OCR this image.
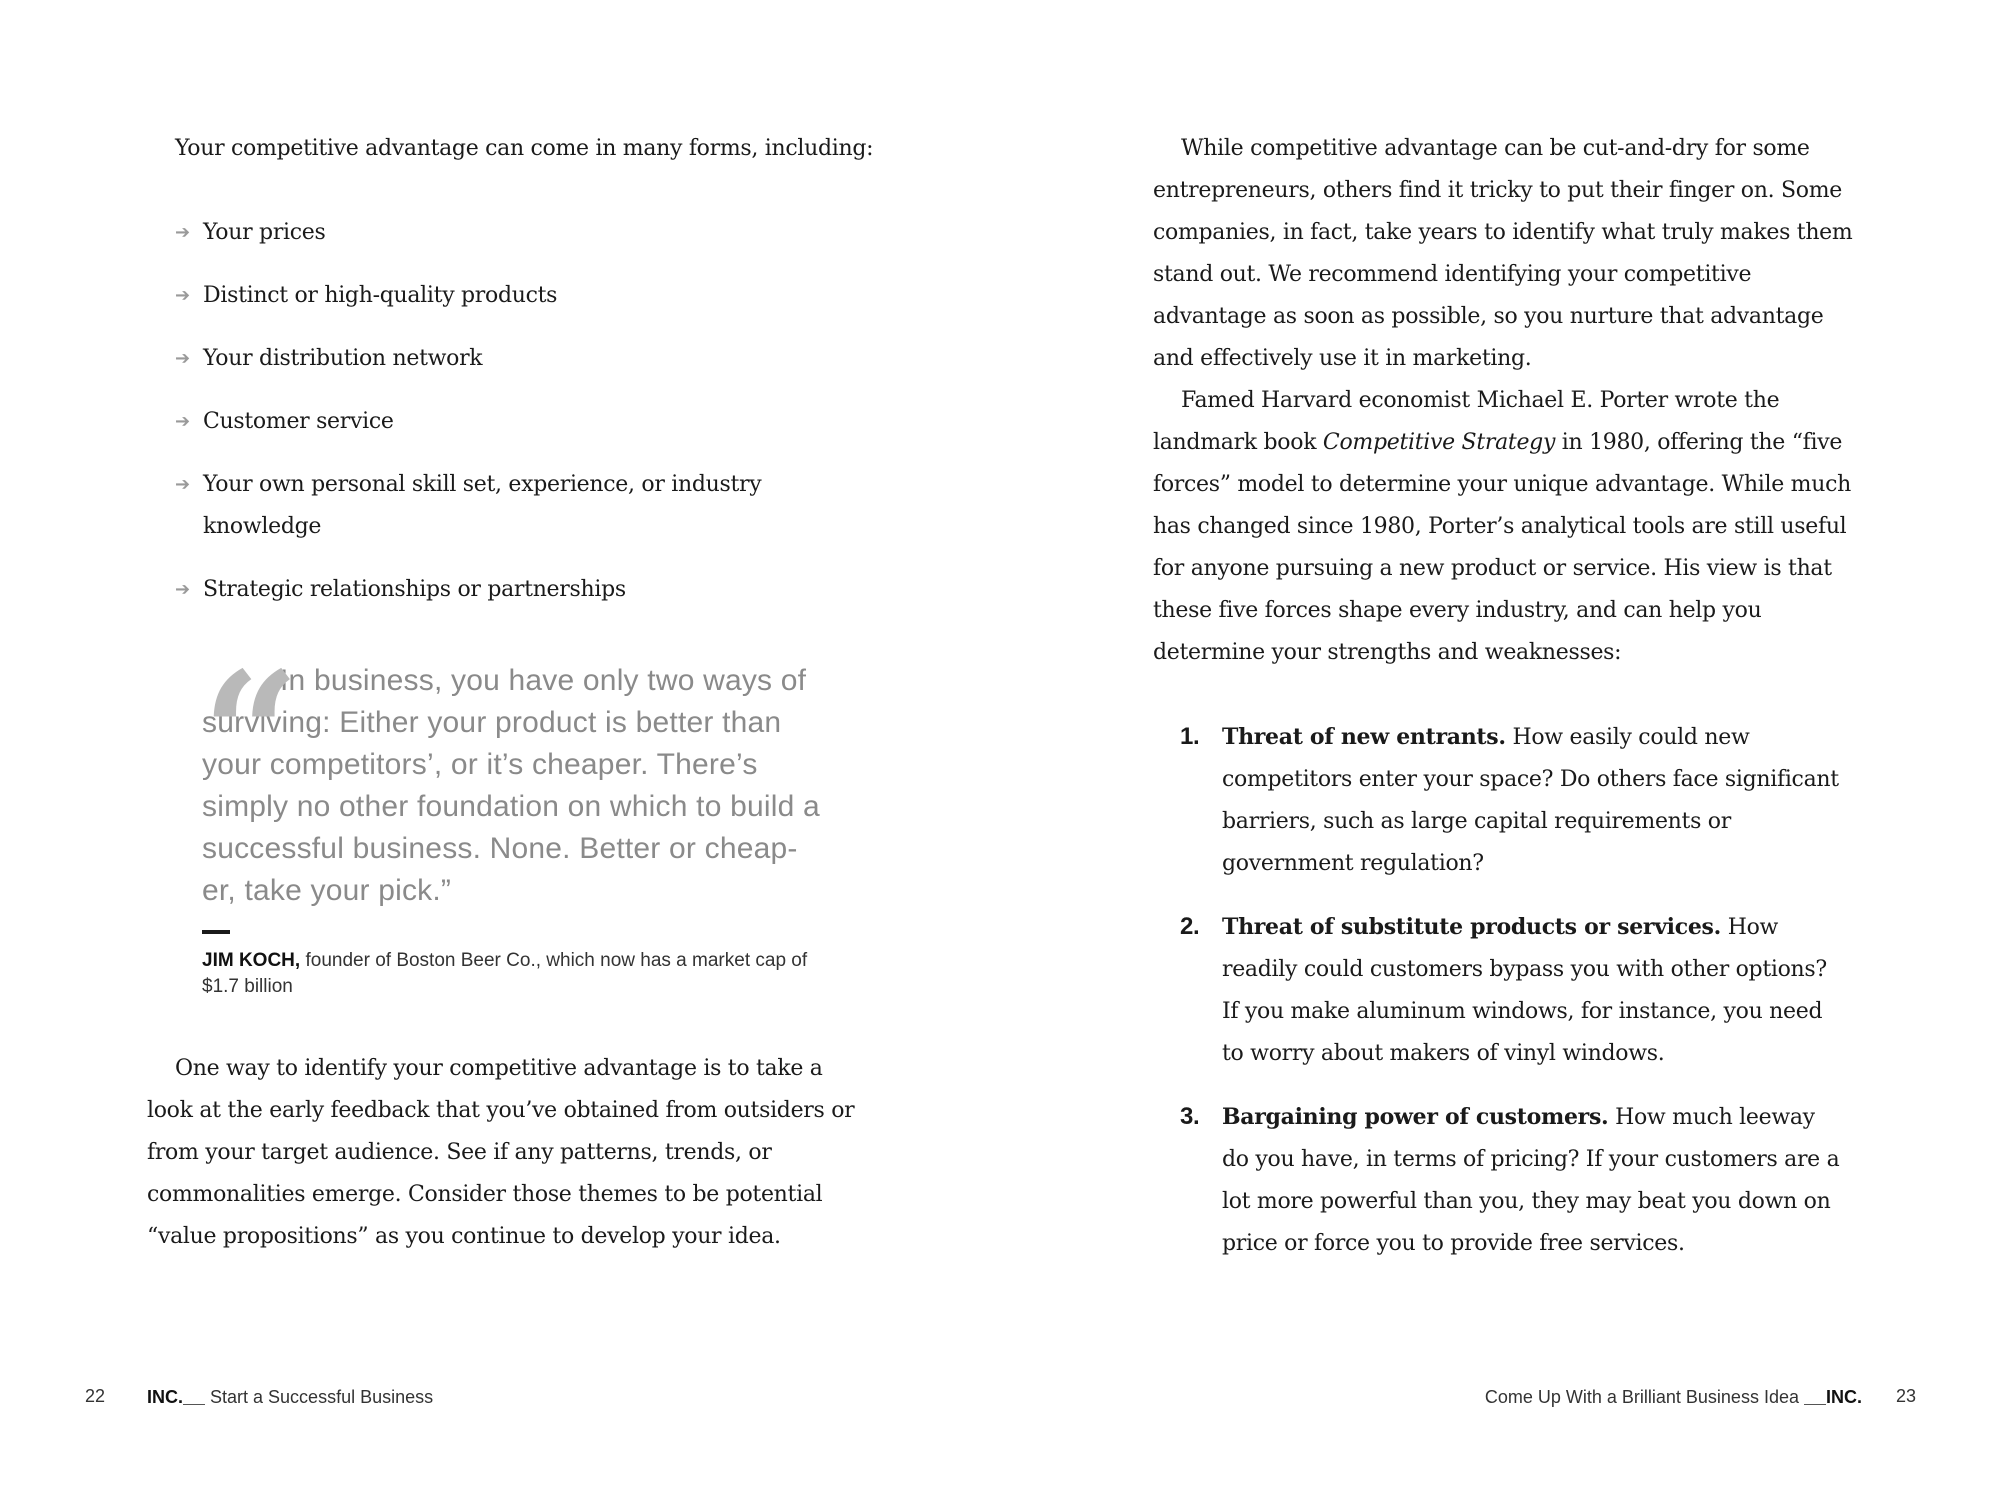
Your competitive advantage can come in many forms, including:

➔ Your prices
➔ Distinct or high-quality products
➔ Your distribution network
➔ Customer service
➔ Your own personal skill set, experience, or industry knowledge
➔ Strategic relationships or partnerships
“

In business, you have only two ways of surviving: Either your product is better than your competitors’, or it’s cheaper. There’s simply no other foundation on which to build a successful business. None. Better or cheap-er, take your pick.”

JIM KOCH, founder of Boston Beer Co., which now has a market cap of $1.7 billion

One way to identify your competitive advantage is to take a look at the early feedback that you’ve obtained from outsiders or from your target audience. See if any patterns, trends, or commonalities emerge. Consider those themes to be potential “value propositions” as you continue to develop your idea.

22 INC. Start a Successful Business

While competitive advantage can be cut-and-dry for some entrepreneurs, others find it tricky to put their finger on. Some companies, in fact, take years to identify what truly makes them stand out. We recommend identifying your competitive advantage as soon as possible, so you nurture that advantage and effectively use it in marketing.

Famed Harvard economist Michael E. Porter wrote the landmark book Competitive Strategy in 1980, offering the “five forces” model to determine your unique advantage. While much has changed since 1980, Porter’s analytical tools are still useful for anyone pursuing a new product or service. His view is that these five forces shape every industry, and can help you determine your strengths and weaknesses:

1. Threat of new entrants. How easily could new competitors enter your space? Do others face significant barriers, such as large capital requirements or government regulation?
2. Threat of substitute products or services. How readily could customers bypass you with other options? If you make aluminum windows, for instance, you need to worry about makers of vinyl windows.
3. Bargaining power of customers. How much leeway do you have, in terms of pricing? If your customers are a lot more powerful than you, they may beat you down on price or force you to provide free services.
Come Up With a Brilliant Business Idea INC. 23
